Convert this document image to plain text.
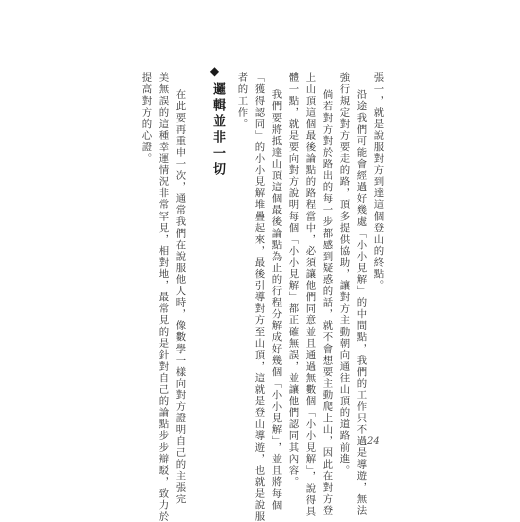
張一，就是說服對方到達這個登山的終點。
沿途我們可能會經過好幾處「小小見解」的中間點，我們的工作只不過是導遊，無法
強行規定對方要走的路，頂多提供協助，讓對方主動朝向通往山頂的道路前進。
倘若對方對於路出的每一步都感到疑惑的話，就不會想要主動爬上山，因此在對方登
上山頂這個最後論點的路程當中，必須讓他們同意並且通過無數個「小小見解」，說得具
體一點，就是要向對方說明每個「小小見解」都正確無誤，並讓他們認同其內容。
我們要將抵達山頂這個最後論點為止的行程分解成好幾個「小小見解」，並且將每個
「獲得認同」的小小見解堆疊起來，最後引導對方至山頂，這就是登山導遊，也就是說服
者的工作。
◆
邏輯並非一切
在此要再重申一次，通常我們在說服他人時，像數學一樣向對方證明自己的主張完
美無誤的這種幸運情況非常罕見，相對地，最常見的是針對自己的論點步步辯駁，致力於
提高對方的心證。
24
